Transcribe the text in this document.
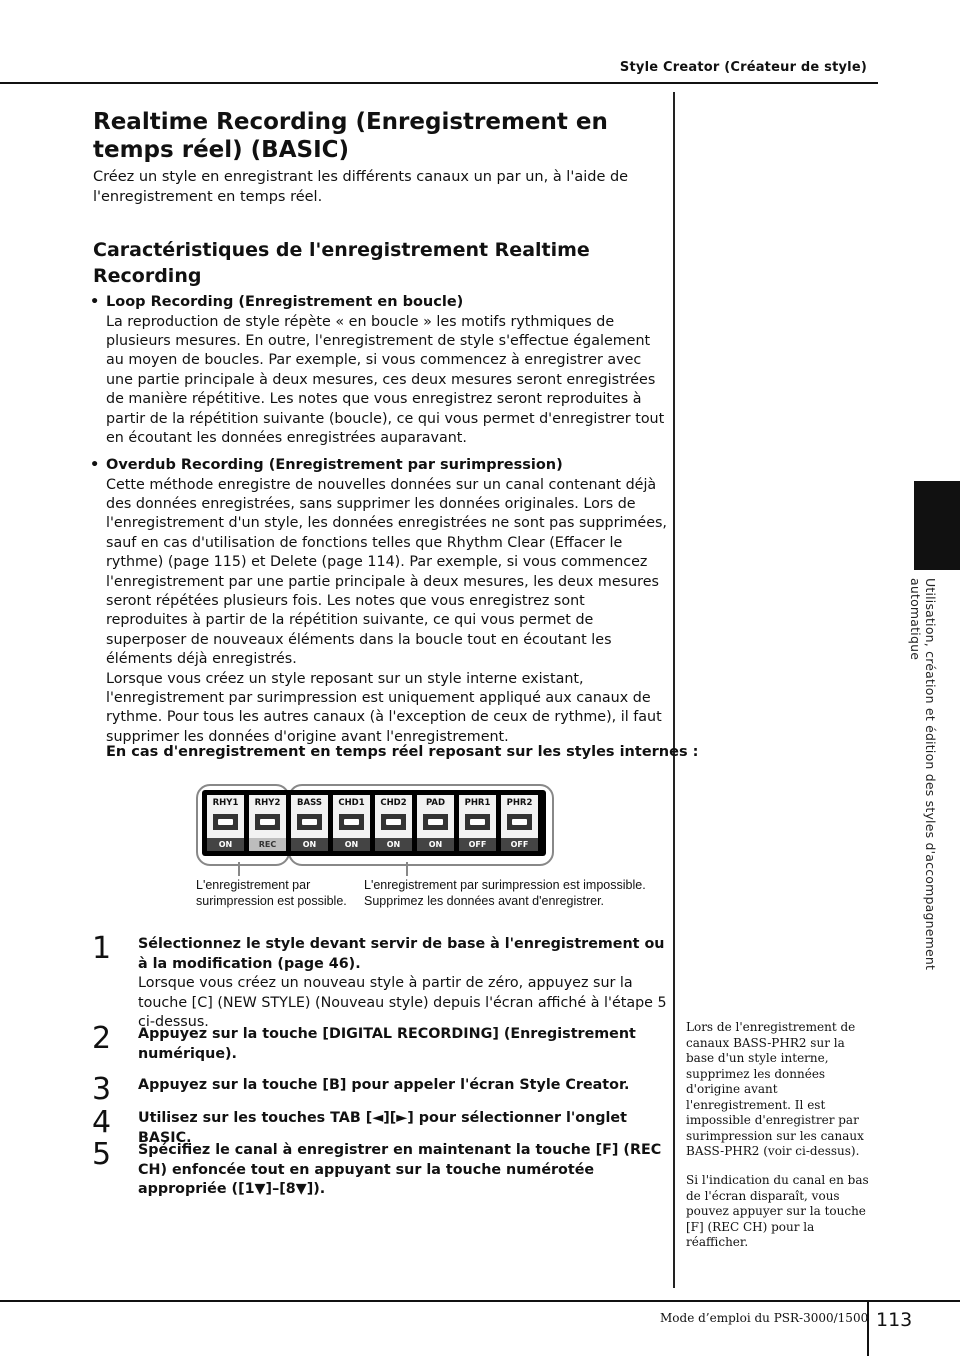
Style Creator (Créateur de style)
Utilisation, création et édition des styles d'accompagnement automatique
Realtime Recording (Enregistrement en temps réel) (BASIC)

Créez un style en enregistrant les différents canaux un par un, à l'aide de l'enregistrement en temps réel.

Caractéristiques de l'enregistrement Realtime Recording
• Loop Recording (Enregistrement en boucle)
La reproduction de style répète « en boucle » les motifs rythmiques de plusieurs mesures. En outre, l'enregistrement de style s'effectue également au moyen de boucles. Par exemple, si vous commencez à enregistrer avec une partie principale à deux mesures, ces deux mesures seront enregistrées de manière répétitive. Les notes que vous enregistrez seront reproduites à partir de la répétition suivante (boucle), ce qui vous permet d'enregistrer tout en écoutant les données enregistrées auparavant.
• Overdub Recording (Enregistrement par surimpression)
Cette méthode enregistre de nouvelles données sur un canal contenant déjà des données enregistrées, sans supprimer les données originales. Lors de l'enregistrement d'un style, les données enregistrées ne sont pas supprimées, sauf en cas d'utilisation de fonctions telles que Rhythm Clear (Effacer le rythme) (page 115) et Delete (page 114). Par exemple, si vous commencez l'enregistrement par une partie principale à deux mesures, les deux mesures seront répétées plusieurs fois. Les notes que vous enregistrez sont reproduites à partir de la répétition suivante, ce qui vous permet de superposer de nouveaux éléments dans la boucle tout en écoutant les éléments déjà enregistrés.
Lorsque vous créez un style reposant sur un style interne existant, l'enregistrement par surimpression est uniquement appliqué aux canaux de rythme. Pour tous les autres canaux (à l'exception de ceux de rythme), il faut supprimer les données d'origine avant l'enregistrement.
En cas d'enregistrement en temps réel reposant sur les styles internes :
RHY1
ON
RHY2
REC
BASS
ON
CHD1
ON
CHD2
ON
PAD
ON
PHR1
OFF
PHR2
OFF
L'enregistrement par surimpression est possible.
L'enregistrement par surimpression est impossible. Supprimez les données avant d'enregistrer.
1 Sélectionnez le style devant servir de base à l'enregistrement ou à la modification (page 46).
Lorsque vous créez un nouveau style à partir de zéro, appuyez sur la touche [C] (NEW STYLE) (Nouveau style) depuis l'écran affiché à l'étape 5 ci-dessus.
2 Appuyez sur la touche [DIGITAL RECORDING] (Enregistrement numérique).
3 Appuyez sur la touche [B] pour appeler l'écran Style Creator.
4 Utilisez sur les touches TAB [◄][►] pour sélectionner l'onglet BASIC.
5 Spécifiez le canal à enregistrer en maintenant la touche [F] (REC CH) enfoncée tout en appuyant sur la touche numérotée appropriée ([1▼]–[8▼]).
Lors de l'enregistrement de canaux BASS-PHR2 sur la base d'un style interne, supprimez les données d'origine avant l'enregistrement. Il est impossible d'enregistrer par surimpression sur les canaux BASS-PHR2 (voir ci-dessus).
Si l'indication du canal en bas de l'écran disparaît, vous pouvez appuyer sur la touche [F] (REC CH) pour la réafficher.
Mode d’emploi du PSR-3000/1500 113
